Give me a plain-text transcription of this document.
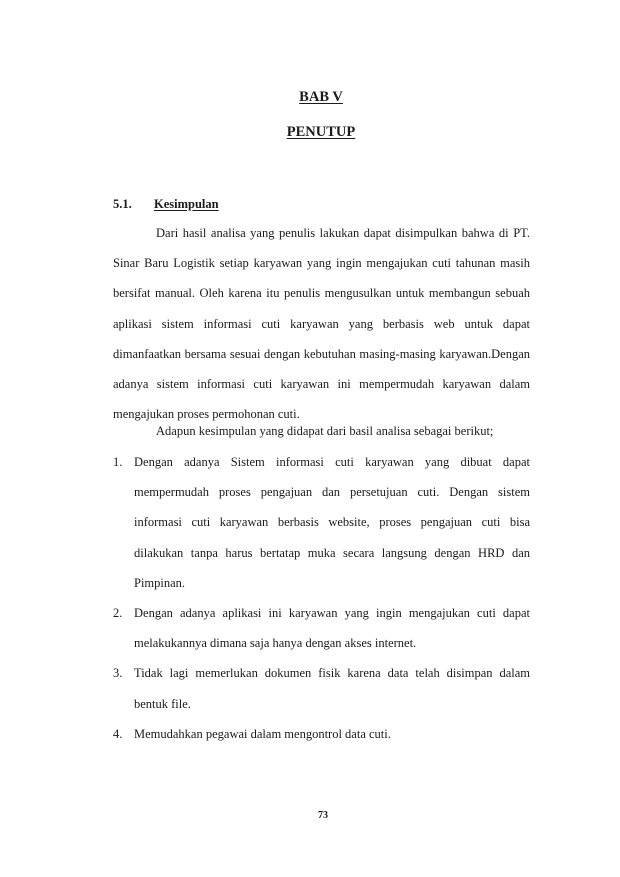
BAB V
PENUTUP
5.1. Kesimpulan

Dari hasil analisa yang penulis lakukan dapat disimpulkan bahwa di PT. Sinar Baru Logistik setiap karyawan yang ingin mengajukan cuti tahunan masih bersifat manual. Oleh karena itu penulis mengusulkan untuk membangun sebuah aplikasi sistem informasi cuti karyawan yang berbasis web untuk dapat dimanfaatkan bersama sesuai dengan kebutuhan masing-masing karyawan.Dengan adanya sistem informasi cuti karyawan ini mempermudah karyawan dalam mengajukan proses permohonan cuti.

Adapun kesimpulan yang didapat dari basil analisa sebagai berikut;

1. Dengan adanya Sistem informasi cuti karyawan yang dibuat dapat mempermudah proses pengajuan dan persetujuan cuti. Dengan sistem informasi cuti karyawan berbasis website, proses pengajuan cuti bisa dilakukan tanpa harus bertatap muka secara langsung dengan HRD dan Pimpinan.
2. Dengan adanya aplikasi ini karyawan yang ingin mengajukan cuti dapat melakukannya dimana saja hanya dengan akses internet.
3. Tidak lagi memerlukan dokumen fisik karena data telah disimpan dalam bentuk file.
4. Memudahkan pegawai dalam mengontrol data cuti.

73
